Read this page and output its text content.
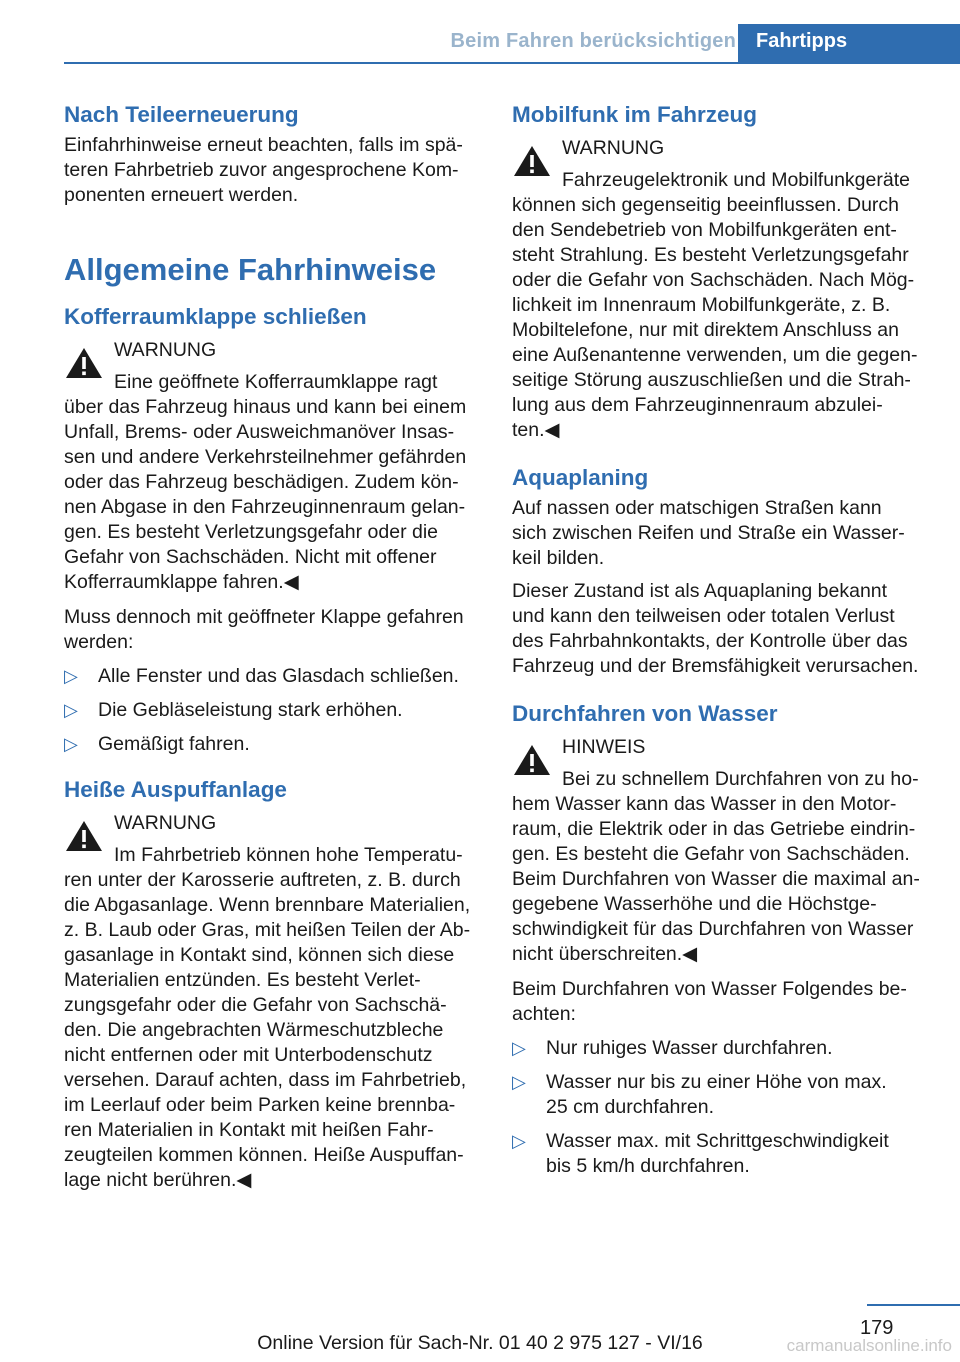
Beim Fahren berücksichtigen	Fahrtipps
Nach Teileerneuerung
Einfahrhinweise erneut beachten, falls im spä-
teren Fahrbetrieb zuvor angesprochene Kom-
ponenten erneuert werden.
Allgemeine Fahrhinweise
Kofferraumklappe schließen
WARNUNG
Eine geöffnete Kofferraumklappe ragt
über das Fahrzeug hinaus und kann bei einem
Unfall, Brems- oder Ausweichmanöver Insas-
sen und andere Verkehrsteilnehmer gefährden
oder das Fahrzeug beschädigen. Zudem kön-
nen Abgase in den Fahrzeuginnenraum gelan-
gen. Es besteht Verletzungsgefahr oder die
Gefahr von Sachschäden. Nicht mit offener
Kofferraumklappe fahren.◀
Muss dennoch mit geöffneter Klappe gefahren
werden:
▷ Alle Fenster und das Glasdach schließen.
▷ Die Gebläseleistung stark erhöhen.
▷ Gemäßigt fahren.
Heiße Auspuffanlage
WARNUNG
Im Fahrbetrieb können hohe Temperatu-
ren unter der Karosserie auftreten, z. B. durch
die Abgasanlage. Wenn brennbare Materialien,
z. B. Laub oder Gras, mit heißen Teilen der Ab-
gasanlage in Kontakt sind, können sich diese
Materialien entzünden. Es besteht Verlet-
zungsgefahr oder die Gefahr von Sachschä-
den. Die angebrachten Wärmeschutzbleche
nicht entfernen oder mit Unterbodenschutz
versehen. Darauf achten, dass im Fahrbetrieb,
im Leerlauf oder beim Parken keine brennba-
ren Materialien in Kontakt mit heißen Fahr-
zeugteilen kommen können. Heiße Auspuffan-
lage nicht berühren.◀
Mobilfunk im Fahrzeug
WARNUNG
Fahrzeugelektronik und Mobilfunkgeräte
können sich gegenseitig beeinflussen. Durch
den Sendebetrieb von Mobilfunkgeräten ent-
steht Strahlung. Es besteht Verletzungsgefahr
oder die Gefahr von Sachschäden. Nach Mög-
lichkeit im Innenraum Mobilfunkgeräte, z. B.
Mobiltelefone, nur mit direktem Anschluss an
eine Außenantenne verwenden, um die gegen-
seitige Störung auszuschließen und die Strah-
lung aus dem Fahrzeuginnenraum abzulei-
ten.◀
Aquaplaning
Auf nassen oder matschigen Straßen kann
sich zwischen Reifen und Straße ein Wasser-
keil bilden.
Dieser Zustand ist als Aquaplaning bekannt
und kann den teilweisen oder totalen Verlust
des Fahrbahnkontakts, der Kontrolle über das
Fahrzeug und der Bremsfähigkeit verursachen.
Durchfahren von Wasser
HINWEIS
Bei zu schnellem Durchfahren von zu ho-
hem Wasser kann das Wasser in den Motor-
raum, die Elektrik oder in das Getriebe eindrin-
gen. Es besteht die Gefahr von Sachschäden.
Beim Durchfahren von Wasser die maximal an-
gegebene Wasserhöhe und die Höchstge-
schwindigkeit für das Durchfahren von Wasser
nicht überschreiten.◀
Beim Durchfahren von Wasser Folgendes be-
achten:
▷ Nur ruhiges Wasser durchfahren.
▷ Wasser nur bis zu einer Höhe von max.
25 cm durchfahren.
▷ Wasser max. mit Schrittgeschwindigkeit
bis 5 km/h durchfahren.
179
Online Version für Sach-Nr. 01 40 2 975 127 - VI/16	carmanualsonline.info
